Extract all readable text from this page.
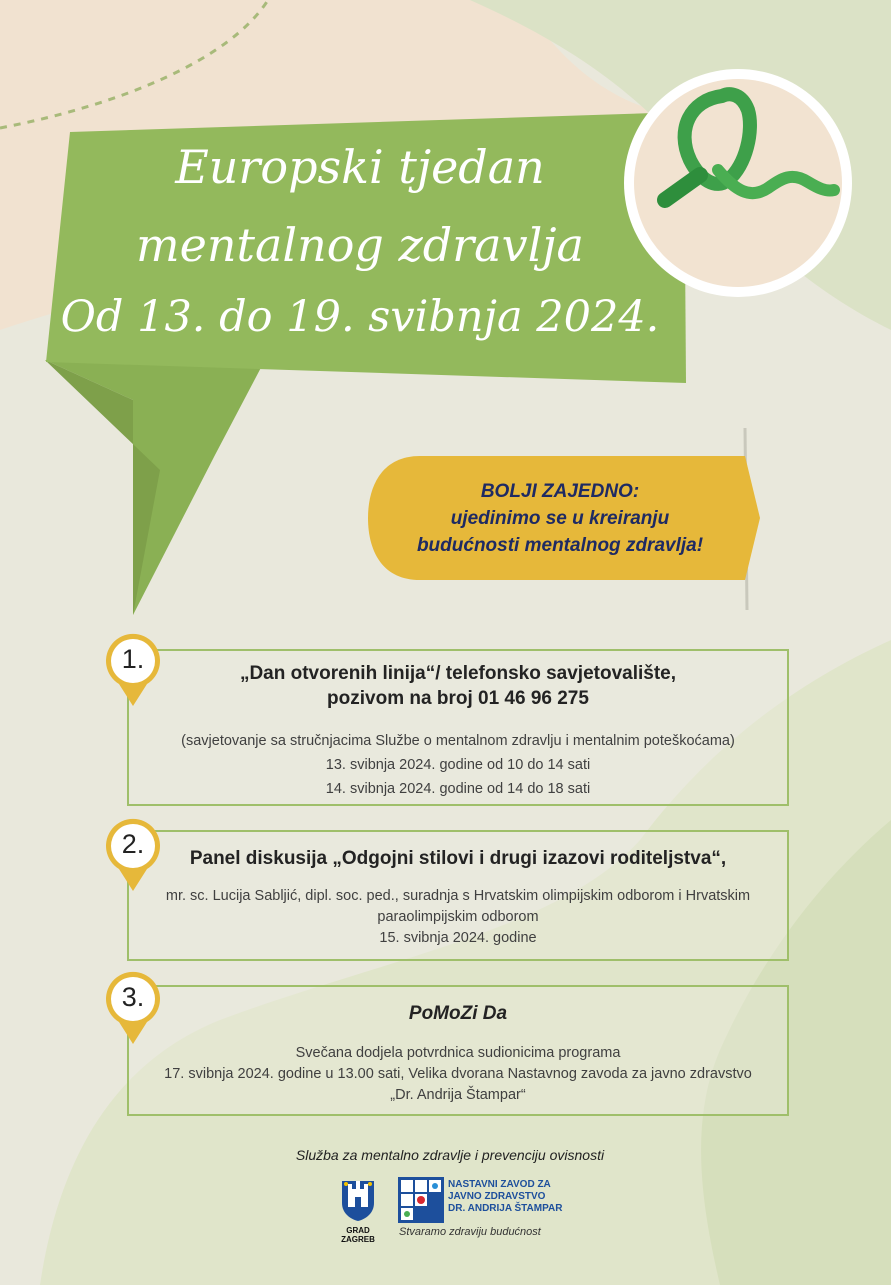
Europski tjedan
mentalnog zdravlja
Od 13. do 19. svibnja 2024.
BOLJI ZAJEDNO:
ujedinimo se u kreiranju
budućnosti mentalnog zdravlja!
„Dan otvorenih linija“/ telefonsko savjetovalište,
pozivom na broj 01 46 96 275
(savjetovanje sa stručnjacima Službe o mentalnom zdravlju i mentalnim poteškoćama)
13. svibnja 2024. godine od 10 do 14 sati
14. svibnja 2024. godine od 14 do 18 sati
Panel diskusija „Odgojni stilovi i drugi izazovi roditeljstva“,
mr. sc. Lucija Sabljić, dipl. soc. ped., suradnja s Hrvatskim olimpijskim odborom i Hrvatskim
paraolimpijskim odborom
15. svibnja 2024. godine
PoMoZi Da
Svečana dodjela potvrdnica sudionicima programa
17. svibnja 2024. godine u 13.00 sati, Velika dvorana Nastavnog zavoda za javno zdravstvo
„Dr. Andrija Štampar“
1.
2.
3.
Služba za mentalno zdravlje i prevenciju ovisnosti
GRAD
ZAGREB
NASTAVNI ZAVOD ZA
JAVNO ZDRAVSTVO
DR. ANDRIJA ŠTAMPAR
Stvaramo zdraviju budućnost
